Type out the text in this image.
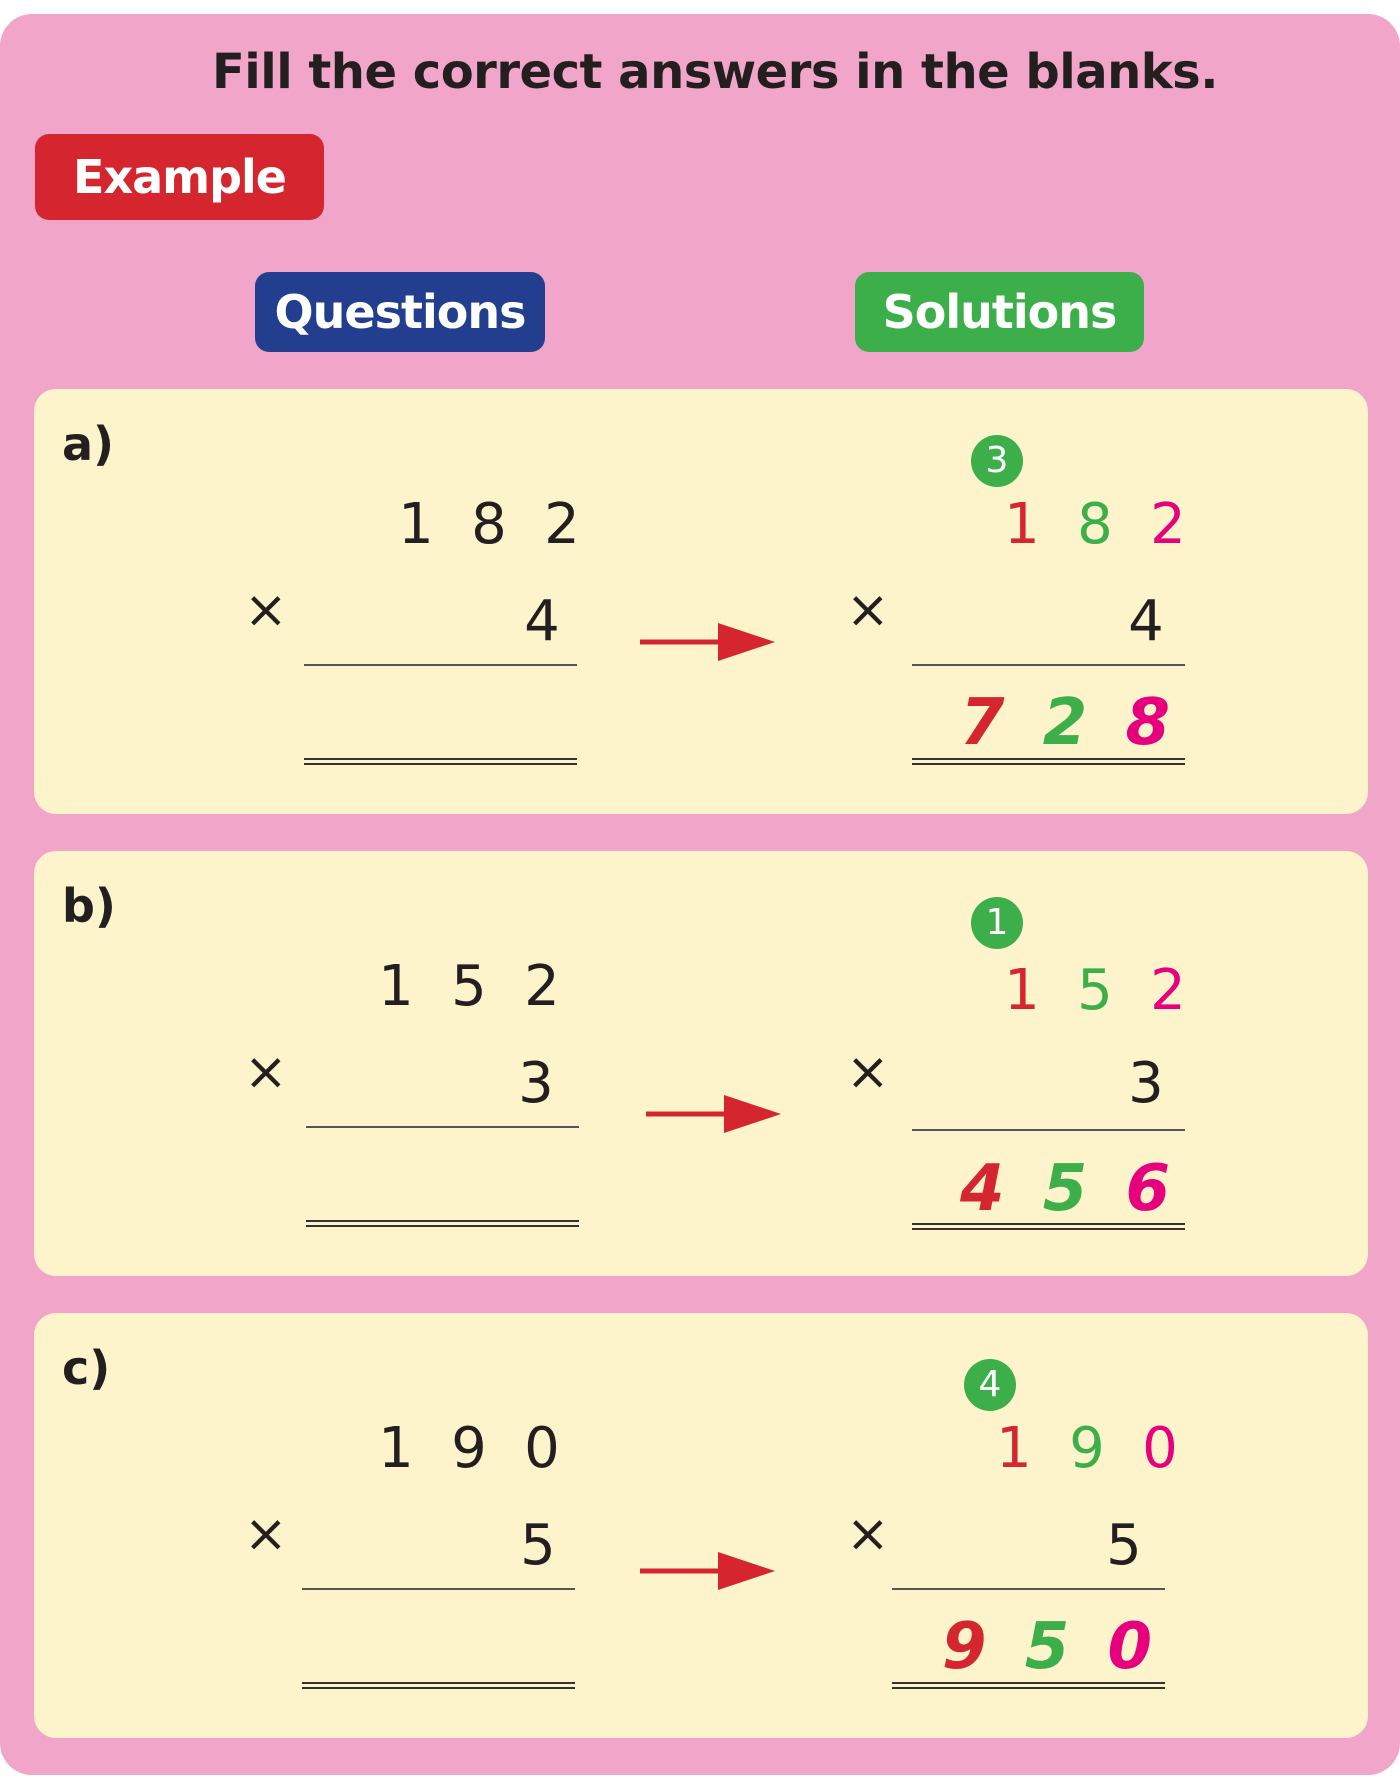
Fill the correct answers in the blanks.
Example
Questions	Solutions
a)
1 8 2
×	4
3
1 8 2
×	4
7 2 8
b)
1 5 2
×	3
1
1 5 2
×	3
4 5 6
c)
1 9 0
×	5
4
1 9 0
×	5
9 5 0
